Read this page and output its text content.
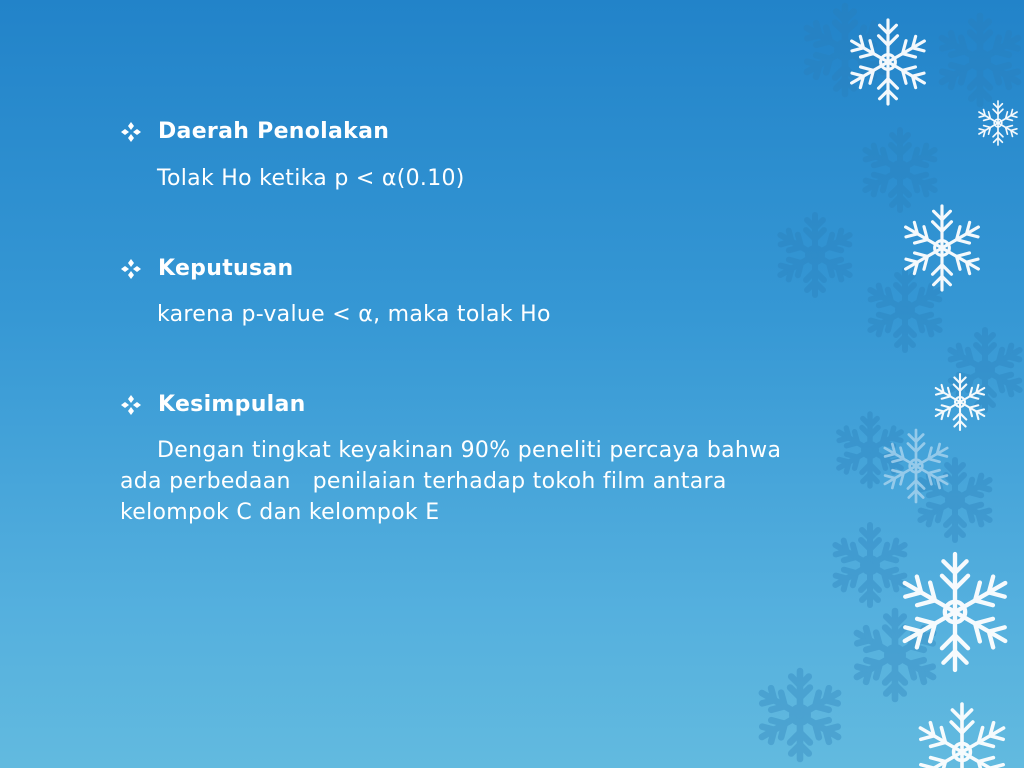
Daerah Penolakan
Tolak Ho ketika p < α(0.10)
Keputusan
karena p-value < α, maka tolak Ho
Kesimpulan
Dengan tingkat keyakinan 90% peneliti percaya bahwa
ada perbedaan   penilaian terhadap tokoh film antara
kelompok C dan kelompok E
